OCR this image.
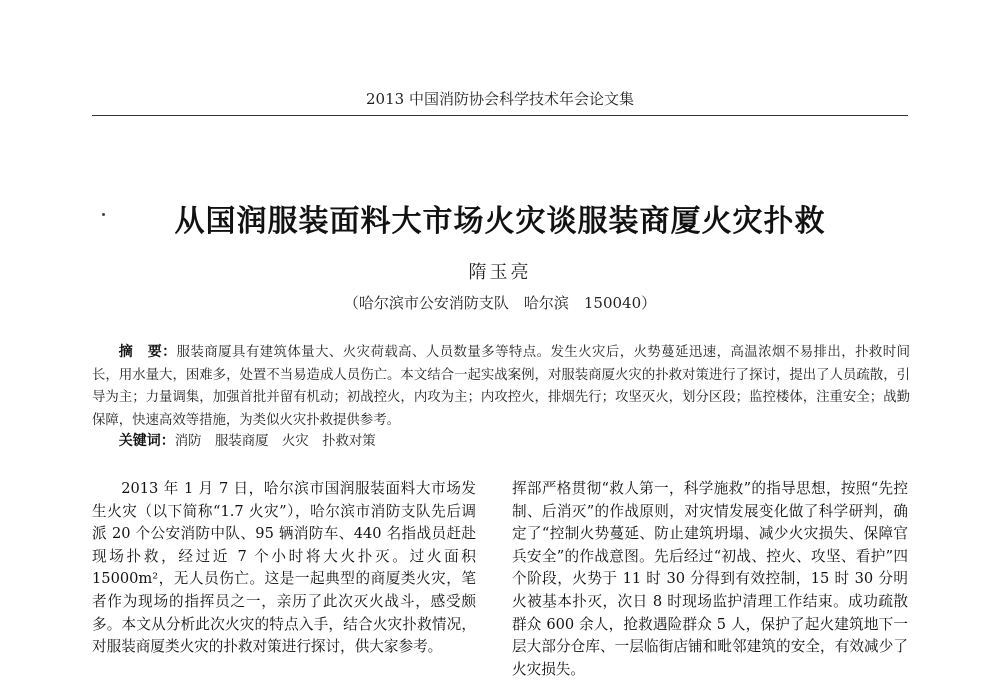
2013 中国消防协会科学技术年会论文集
从国润服装面料大市场火灾谈服装商厦火灾扑救
隋玉亮
（哈尔滨市公安消防支队　哈尔滨　150040）
摘　要：服装商厦具有建筑体量大、火灾荷载高、人员数量多等特点。发生火灾后，火势蔓延迅速，高温浓烟不易排出，扑救时间长，用水量大，困难多，处置不当易造成人员伤亡。本文结合一起实战案例，对服装商厦火灾的扑救对策进行了探讨，提出了人员疏散，引导为主；力量调集，加强首批并留有机动；初战控火，内攻为主；内攻控火，排烟先行；攻坚灭火，划分区段；监控楼体，注重安全；战勤保障，快速高效等措施，为类似火灾扑救提供参考。
关键词：消防　服装商厦　火灾　扑救对策
2013 年 1 月 7 日，哈尔滨市国润服装面料大市场发生火灾（以下简称“1.7 火灾”），哈尔滨市消防支队先后调派 20 个公安消防中队、95 辆消防车、440 名指战员赶赴现场扑救，经过近 7 个小时将大火扑灭。过火面积 15000m²，无人员伤亡。这是一起典型的商厦类火灾，笔者作为现场的指挥员之一，亲历了此次灭火战斗，感受颇多。本文从分析此次火灾的特点入手，结合火灾扑救情况，对服装商厦类火灾的扑救对策进行探讨，供大家参考。
挥部严格贯彻“救人第一，科学施救”的指导思想，按照“先控制、后消灭”的作战原则，对灾情发展变化做了科学研判，确定了“控制火势蔓延、防止建筑坍塌、减少火灾损失、保障官兵安全”的作战意图。先后经过“初战、控火、攻坚、看护”四个阶段，火势于 11 时 30 分得到有效控制，15 时 30 分明火被基本扑灭，次日 8 时现场监护清理工作结束。成功疏散群众 600 余人，抢救遇险群众 5 人，保护了起火建筑地下一层大部分仓库、一层临街店铺和毗邻建筑的安全，有效减少了火灾损失。
